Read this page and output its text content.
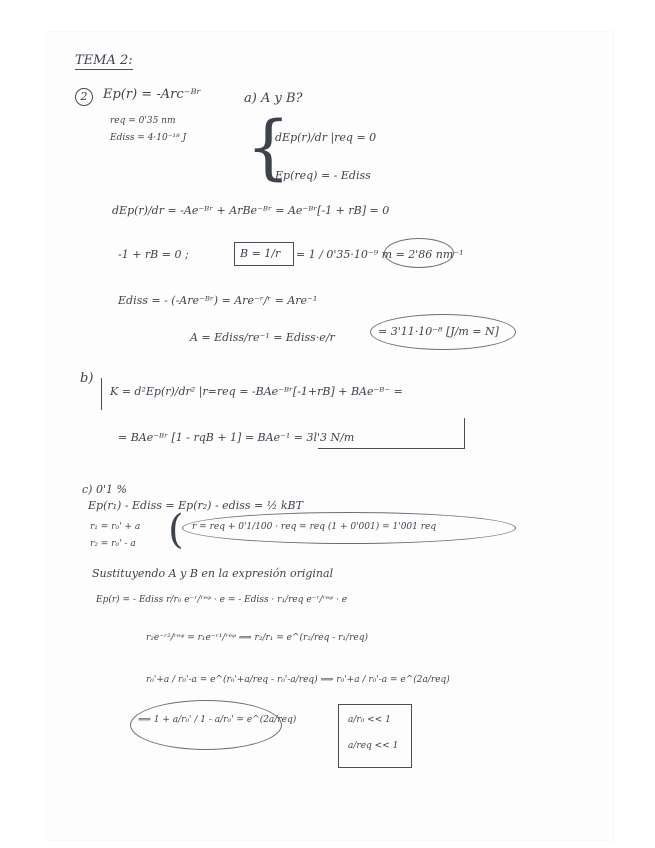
TEMA 2:
2	Ep(r) = -Arc⁻ᴮʳ	a) A y B?
req = 0'35 nm
Ediss = 4·10⁻¹⁸ J {
dEp(r)/dr |req = 0
Ep(req) = - Ediss
dEp(r)/dr = -Ae⁻ᴮʳ + ArBe⁻ᴮʳ = Ae⁻ᴮʳ[-1 + rB] = 0
-1 + rB = 0 ;	B = 1/r = 1 / 0'35·10⁻⁹ m = 2'86 nm⁻¹
Ediss = - (-Are⁻ᴮʳ) = Are⁻ʳ/ʳ = Are⁻¹
A = Ediss/re⁻¹ = Ediss·e/r	= 3'11·10⁻⁸ [J/m = N]
b)
K = d²Ep(r)/dr² |r=req = -BAe⁻ᴮʳ[-1+rB] + BAe⁻ᴮ⁻ =
= BAe⁻ᴮʳ [1 - rqB + 1] = BAe⁻¹ = 3l'3 N/m
c) 0'1 %
Ep(r₁) - Ediss = Ep(r₂) - ediss = ½ kBT
r₁ = r₀' + a
r₂ = r₀' - a ( r = req + 0'1/100 · req = req (1 + 0'001) = 1'001 req
Sustituyendo A y B en la expresión original
Ep(r) = - Ediss r/r₀ e⁻ʳ/ʳᵉᵠ · e = - Ediss · r₁/req e⁻ʳ/ʳᵉᵠ · e
r₂e⁻ʳ²/ʳᵉᵠ = r₁e⁻ʳ¹/ʳᵉᵠ ⟹ r₂/r₁ = e^(r₂/req - r₁/req)
r₀'+a / r₀'-a = e^(r₀'+a/req - r₀'-a/req) ⟹ r₀'+a / r₀'-a = e^(2a/req)
⟹ 1 + a/r₀' / 1 - a/r₀' = e^(2a/req)	a/r₀ << 1
a/req << 1
